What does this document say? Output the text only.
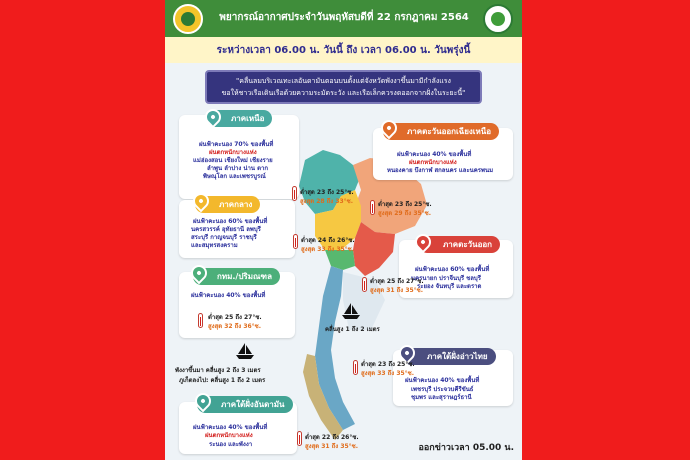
พยากรณ์อากาศประจำวันพฤหัสบดีที่ 22 กรกฎาคม 2564
ระหว่างเวลา 06.00 น. วันนี้ ถึง เวลา 06.00 น. วันพรุ่งนี้
"คลื่นลมบริเวณทะเลอันดามันตอนบนตั้งแต่จังหวัดพังงาขึ้นมามีกำลังแรง
ขอให้ชาวเรือเดินเรือด้วยความระมัดระวัง และเรือเล็กควรงดออกจากฝั่งในระยะนี้"
ภาคเหนือ
ฝนฟ้าคะนอง 70% ของพื้นที่
ฝนตกหนักบางแห่ง
แม่ฮ่องสอน เชียงใหม่ เชียงราย
ลำพูน ลำปาง น่าน ตาก
พิษณุโลก และเพชรบูรณ์
ต่ำสุด 23 ถึง 25°ซ.
สูงสุด 28 ถึง 33°ซ.
ภาคตะวันออกเฉียงเหนือ
ฝนฟ้าคะนอง 40% ของพื้นที่
ฝนตกหนักบางแห่ง
หนองคาย บึงกาฬ สกลนคร และนครพนม
ต่ำสุด 23 ถึง 25°ซ.
สูงสุด 29 ถึง 35°ซ.
ภาคกลาง
ฝนฟ้าคะนอง 60% ของพื้นที่
นครสวรรค์ อุทัยธานี ลพบุรี
สระบุรี กาญจนบุรี ราชบุรี
และสมุทรสงคราม
ต่ำสุด 24 ถึง 26°ซ.
สูงสุด 33 ถึง 35°ซ.
ภาคตะวันออก
ฝนฟ้าคะนอง 60% ของพื้นที่
นครนายก ปราจีนบุรี ชลบุรี
ระยอง จันทบุรี และตราด
ต่ำสุด 25 ถึง 27°ซ.
สูงสุด 31 ถึง 35°ซ.
คลื่นสูง 1 ถึง 2 เมตร
กทม./ปริมณฑล
ฝนฟ้าคะนอง 40% ของพื้นที่
ต่ำสุด 25 ถึง 27°ซ.
สูงสุด 32 ถึง 36°ซ.
พังงาขึ้นมา คลื่นสูง 2 ถึง 3 เมตร
ภูเก็ตลงไป: คลื่นสูง 1 ถึง 2 เมตร
ภาคใต้ฝั่งอันดามัน
ฝนฟ้าคะนอง 40% ของพื้นที่
ฝนตกหนักบางแห่ง
ระนอง และพังงา
ต่ำสุด 22 ถึง 26°ซ.
สูงสุด 31 ถึง 35°ซ.
ภาคใต้ฝั่งอ่าวไทย
ฝนฟ้าคะนอง 40% ของพื้นที่
เพชรบุรี ประจวบคีรีขันธ์
ชุมพร และสุราษฎร์ธานี
ต่ำสุด 23 ถึง 25°ซ.
สูงสุด 33 ถึง 35°ซ.
ออกข่าวเวลา 05.00 น.
